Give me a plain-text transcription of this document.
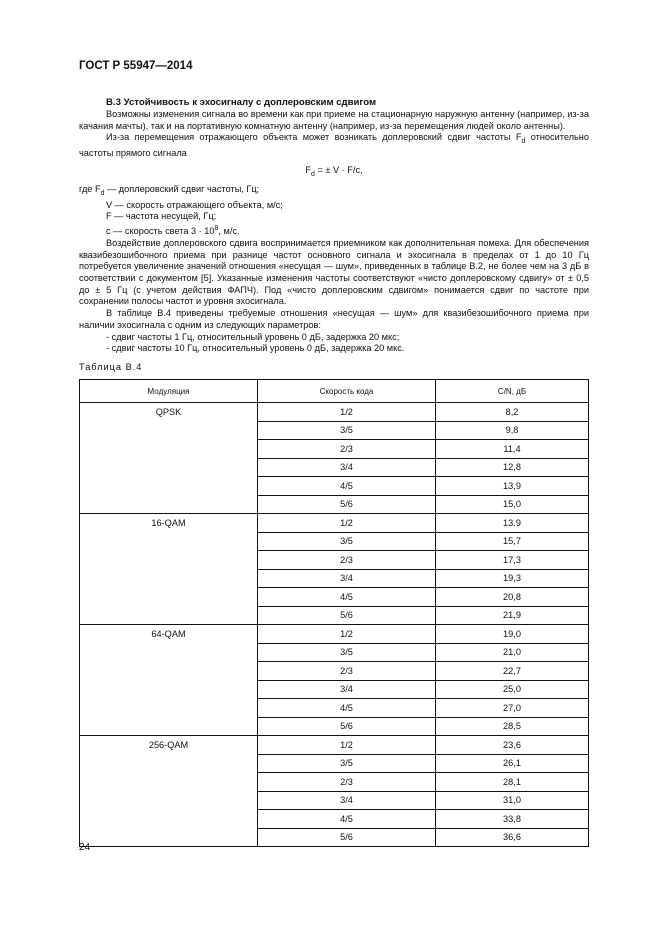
ГОСТ Р 55947—2014
В.3 Устойчивость к эхосигналу с доплеровским сдвигом

Возможны изменения сигнала во времени как при приеме на стационарную наружную антенну (например, из-за качания мачты), так и на портативную комнатную антенну (например, из-за перемещения людей около антенны).

Из-за перемещения отражающего объекта может возникать доплеровский сдвиг частоты $F_d$ относительно частоты прямого сигнала

$F_d$ = ± V · F/c,
где $F_d$ — доплеровский сдвиг частоты, Гц;
V — скорость отражающего объекта, м/с;
F — частота несущей, Гц;
с — скорость света $3 \cdot 10^8$, м/с.

Воздействие доплеровского сдвига воспринимается приемником как дополнительная помеха. Для обеспечения квазибезошибочного приема при разнице частот основного сигнала и эхосигнала в пределах от 1 до 10 Гц потребуется увеличение значений отношения «несущая — шум», приведенных в таблице В.2, не более чем на 3 дБ в соответствии с документом [5]. Указанные изменения частоты соответствуют «чисто доплеровскому сдвигу» от ± 0,5 до ± 5 Гц (с учетом действия ФАПЧ). Под «чисто доплеровским сдвигом» понимается сдвиг по частоте при сохранении полосы частот и уровня эхосигнала.

В таблице В.4 приведены требуемые отношения «несущая — шум» для квазибезошибочного приема при наличии эхосигнала с одним из следующих параметров:

- сдвиг частоты 1 Гц, относительный уровень 0 дБ, задержка 20 мкс;
- сдвиг частоты 10 Гц, относительный уровень 0 дБ, задержка 20 мкс.
Таблица В.4
Модуляция	Скорость кода	C/N, дБ
QPSK	1/2	8,2
	3/5	9,8
	2/3	11,4
	3/4	12,8
	4/5	13,9
	5/6	15,0
16-QAM	1/2	13.9
	3/5	15,7
	2/3	17,3
	3/4	19,3
	4/5	20,8
	5/6	21,9
64-QAM	1/2	19,0
	3/5	21,0
	2/3	22,7
	3/4	25,0
	4/5	27,0
	5/6	28,5
256-QAM	1/2	23,6
	3/5	26,1
	2/3	28,1
	3/4	31,0
	4/5	33,8
	5/6	36,6
24
